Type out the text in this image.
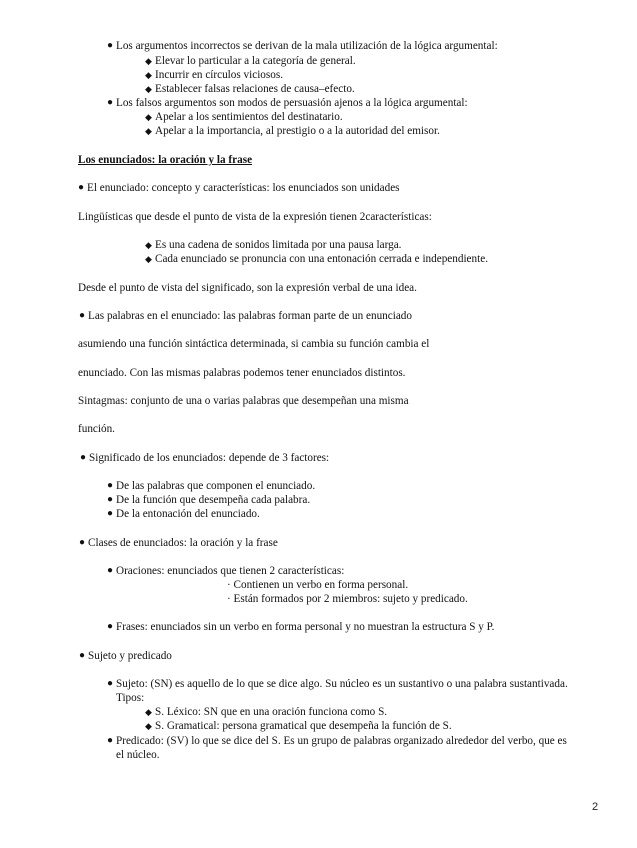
● Los argumentos incorrectos se derivan de la mala utilización de la lógica argumental:
◆ Elevar lo particular a la categoría de general.
◆ Incurrir en círculos viciosos.
◆ Establecer falsas relaciones de causa–efecto.
● Los falsos argumentos son modos de persuasión ajenos a la lógica argumental:
◆ Apelar a los sentimientos del destinatario.
◆ Apelar a la importancia, al prestigio o a la autoridad del emisor.
Los enunciados: la oración y la frase
● El enunciado: concepto y características: los enunciados son unidades
Lingüísticas que desde el punto de vista de la expresión tienen 2características:
◆ Es una cadena de sonidos limitada por una pausa larga.
◆ Cada enunciado se pronuncia con una entonación cerrada e independiente.
Desde el punto de vista del significado, son la expresión verbal de una idea.
● Las palabras en el enunciado: las palabras forman parte de un enunciado
asumiendo una función sintáctica determinada, si cambia su función cambia el
enunciado. Con las mismas palabras podemos tener enunciados distintos.
Sintagmas: conjunto de una o varias palabras que desempeñan una misma
función.
● Significado de los enunciados: depende de 3 factores:
● De las palabras que componen el enunciado.
● De la función que desempeña cada palabra.
● De la entonación del enunciado.
● Clases de enunciados: la oración y la frase
● Oraciones: enunciados que tienen 2 características:
· Contienen un verbo en forma personal.
· Están formados por 2 miembros: sujeto y predicado.
● Frases: enunciados sin un verbo en forma personal y no muestran la estructura S y P.
● Sujeto y predicado
● Sujeto: (SN) es aquello de lo que se dice algo. Su núcleo es un sustantivo o una palabra sustantivada.
Tipos:
◆ S. Léxico: SN que en una oración funciona como S.
◆ S. Gramatical: persona gramatical que desempeña la función de S.
● Predicado: (SV) lo que se dice del S. Es un grupo de palabras organizado alrededor del verbo, que es
el núcleo.
2
